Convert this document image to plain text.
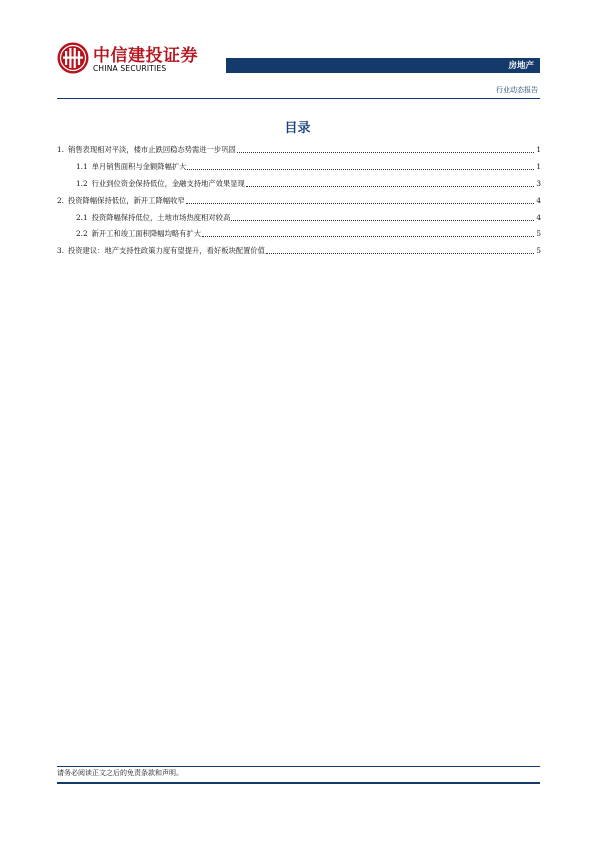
中信建投证券
CHINA SECURITIES	房地产
行业动态报告
目录
1. 销售表现相对平淡，楼市止跌回稳态势需进一步巩固	1
1.1 单月销售面积与金额降幅扩大	1
1.2 行业到位资金保持低位，金融支持地产效果显现	3
2. 投资降幅保持低位，新开工降幅收窄	4
2.1 投资降幅保持低位，土地市场热度相对较高	4
2.2 新开工和竣工面积降幅均略有扩大	5
3. 投资建议：地产支持性政策力度有望提升，看好板块配置价值	5
请务必阅读正文之后的免责条款和声明。
